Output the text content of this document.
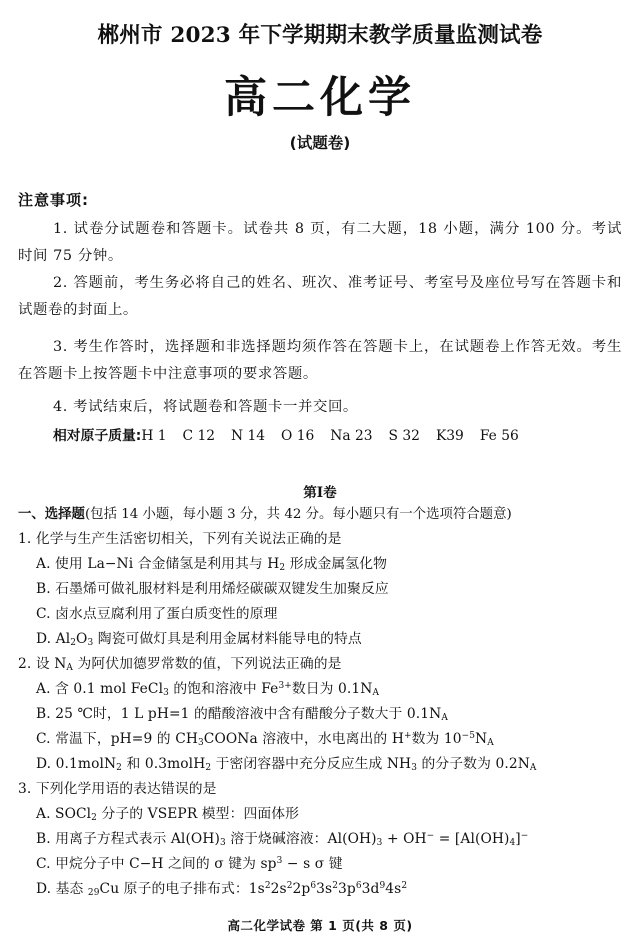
郴州市 2023 年下学期期末教学质量监测试卷
高二化学
(试题卷)
注意事项:
1. 试卷分试题卷和答题卡。试卷共 8 页，有二大题，18 小题，满分 100 分。考试时间 75 分钟。
2. 答题前，考生务必将自己的姓名、班次、准考证号、考室号及座位号写在答题卡和试题卷的封面上。
3. 考生作答时，选择题和非选择题均须作答在答题卡上，在试题卷上作答无效。考生在答题卡上按答题卡中注意事项的要求答题。
4. 考试结束后，将试题卷和答题卡一并交回。
相对原子质量:H 1 C 12 N 14 O 16 Na 23 S 32 K39 Fe 56
第Ⅰ卷
一、选择题(包括 14 小题，每小题 3 分，共 42 分。每小题只有一个选项符合题意)
1. 化学与生产生活密切相关，下列有关说法正确的是
A. 使用 La−Ni 合金储氢是利用其与 $H_2$ 形成金属氢化物
B. 石墨烯可做礼服材料是利用烯烃碳碳双键发生加聚反应
C. 卤水点豆腐利用了蛋白质变性的原理
D. $Al_2O_3$ 陶瓷可做灯具是利用金属材料能导电的特点
2. 设 $N_A$ 为阿伏加德罗常数的值，下列说法正确的是
A. 含 0.1 mol FeCl$_3$ 的饱和溶液中 $Fe^{3+}$数日为 $0.1N_A$
B. 25 ℃时，1 L pH=1 的醋酸溶液中含有醋酸分子数大于 $0.1N_A$
C. 常温下，pH=9 的 $CH_3COONa$ 溶液中，水电离出的 H+数为 $10^{-5}N_A$
D. 0.1molN$_2$ 和 0.3molH$_2$ 于密闭容器中充分反应生成 $NH_3$ 的分子数为 $0.2N_A$
3. 下列化学用语的表达错误的是
A. SOCl$_2$ 分子的 VSEPR 模型：四面体形
B. 用离子方程式表示 $Al(OH)_3$ 溶于烧碱溶液：$Al(OH)_3 + OH^- = [Al(OH)_4]^-$
C. 甲烷分子中 C−H 之间的 σ 键为 $sp^3 - s$ σ 键
D. 基态 29Cu 原子的电子排布式：$1s^22s^22p^63s^23p^63d^94s^2$
高二化学试卷 第 1 页(共 8 页)
